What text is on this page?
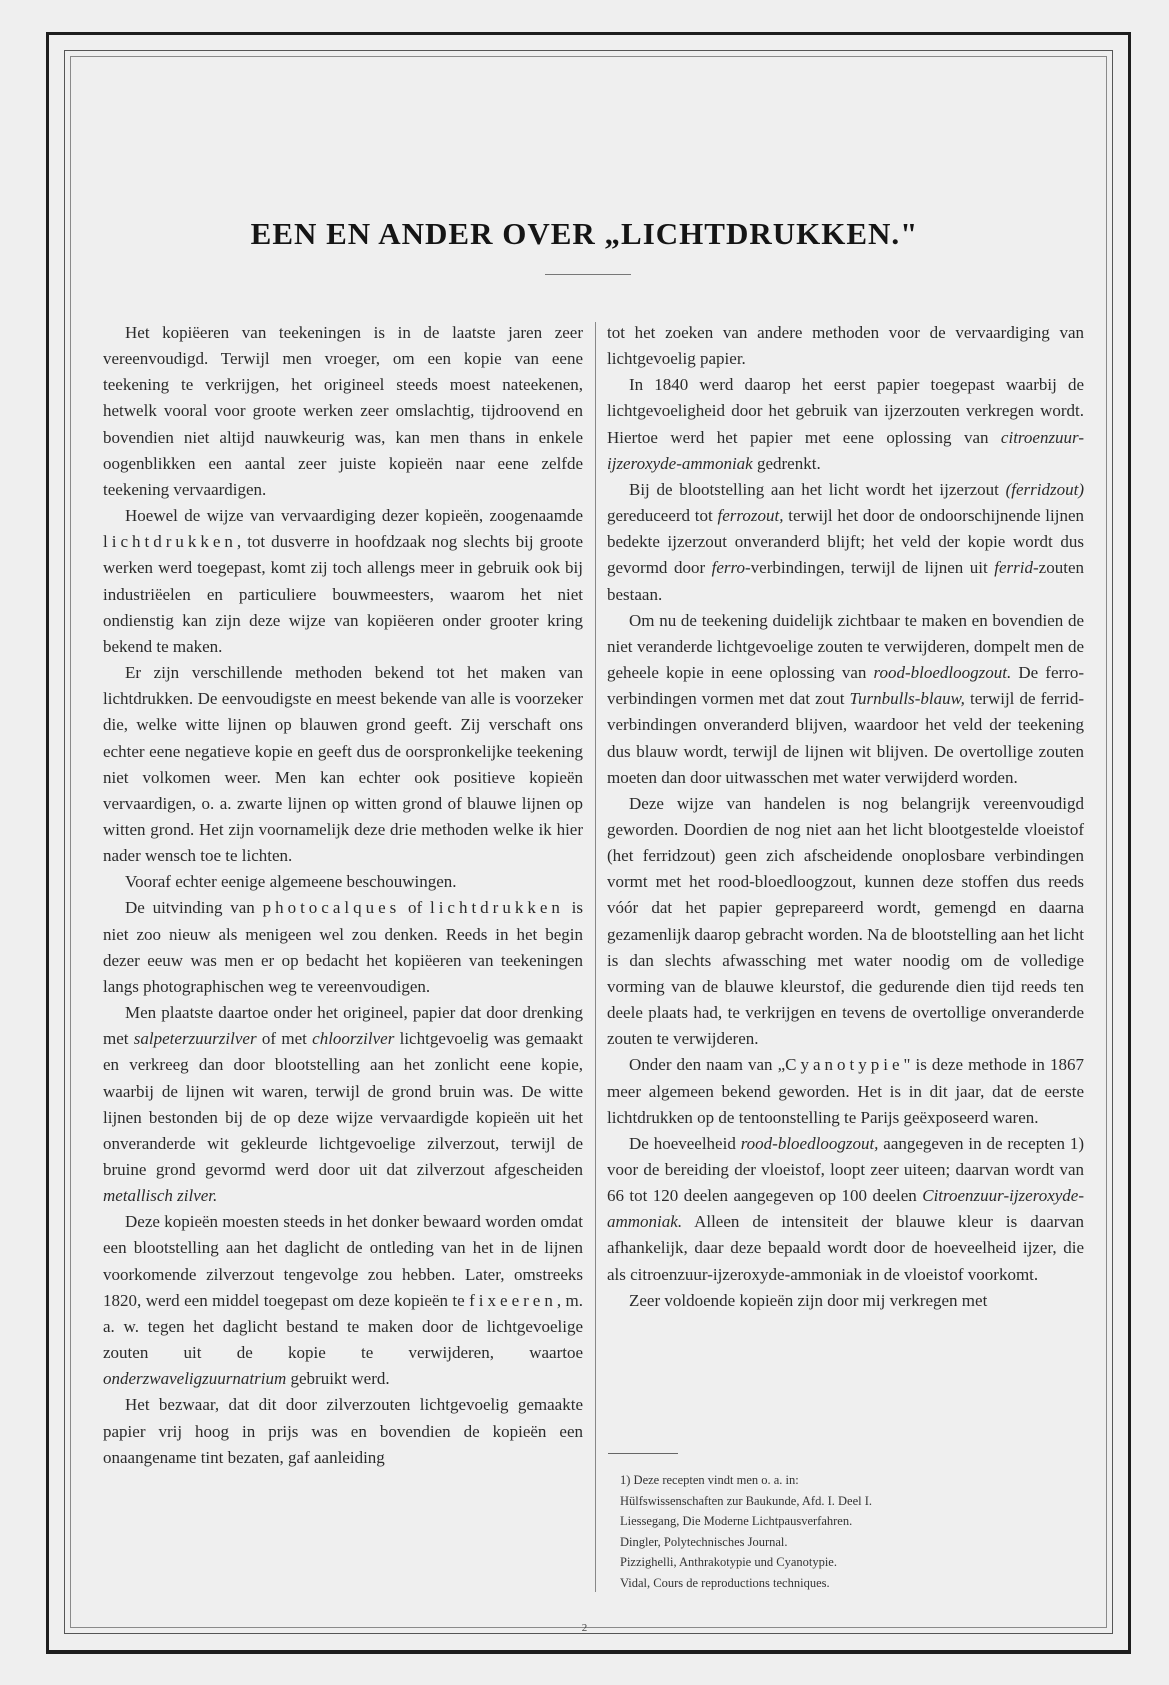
EEN EN ANDER OVER „LICHTDRUKKEN."

Het kopiëeren van teekeningen is in de laatste jaren zeer vereenvoudigd. Terwijl men vroeger, om een kopie van eene teekening te verkrijgen, het origineel steeds moest nateekenen, hetwelk vooral voor groote werken zeer omslachtig, tijdroovend en bovendien niet altijd nauwkeurig was, kan men thans in enkele oogenblikken een aantal zeer juiste kopieën naar eene zelfde teekening vervaardigen.

Hoewel de wijze van vervaardiging dezer kopieën, zoogenaamde lichtdrukken, tot dusverre in hoofdzaak nog slechts bij groote werken werd toegepast, komt zij toch allengs meer in gebruik ook bij industriëelen en particuliere bouwmeesters, waarom het niet ondienstig kan zijn deze wijze van kopiëeren onder grooter kring bekend te maken.

Er zijn verschillende methoden bekend tot het maken van lichtdrukken. De eenvoudigste en meest bekende van alle is voorzeker die, welke witte lijnen op blauwen grond geeft. Zij verschaft ons echter eene negatieve kopie en geeft dus de oorspronkelijke teekening niet volkomen weer. Men kan echter ook positieve kopieën vervaardigen, o. a. zwarte lijnen op witten grond of blauwe lijnen op witten grond. Het zijn voornamelijk deze drie methoden welke ik hier nader wensch toe te lichten.

Vooraf echter eenige algemeene beschouwingen.

De uitvinding van photocalques of lichtdrukken is niet zoo nieuw als menigeen wel zou denken. Reeds in het begin dezer eeuw was men er op bedacht het kopiëeren van teekeningen langs photographischen weg te vereenvoudigen.

Men plaatste daartoe onder het origineel, papier dat door drenking met salpeterzuurzilver of met chloorzilver lichtgevoelig was gemaakt en verkreeg dan door blootstelling aan het zonlicht eene kopie, waarbij de lijnen wit waren, terwijl de grond bruin was. De witte lijnen bestonden bij de op deze wijze vervaardigde kopieën uit het onveranderde wit gekleurde lichtgevoelige zilverzout, terwijl de bruine grond gevormd werd door uit dat zilverzout afgescheiden metallisch zilver.

Deze kopieën moesten steeds in het donker bewaard worden omdat een blootstelling aan het daglicht de ontleding van het in de lijnen voorkomende zilverzout tengevolge zou hebben. Later, omstreeks 1820, werd een middel toegepast om deze kopieën te fixeeren, m. a. w. tegen het daglicht bestand te maken door de lichtgevoelige zouten uit de kopie te verwijderen, waartoe onderzwaveligzuurnatrium gebruikt werd.

Het bezwaar, dat dit door zilverzouten lichtgevoelig gemaakte papier vrij hoog in prijs was en bovendien de kopieën een onaangename tint bezaten, gaf aanleiding

tot het zoeken van andere methoden voor de vervaardiging van lichtgevoelig papier.

In 1840 werd daarop het eerst papier toegepast waarbij de lichtgevoeligheid door het gebruik van ijzerzouten verkregen wordt. Hiertoe werd het papier met eene oplossing van citroenzuur-ijzeroxyde-ammoniak gedrenkt.

Bij de blootstelling aan het licht wordt het ijzerzout (ferridzout) gereduceerd tot ferrozout, terwijl het door de ondoorschijnende lijnen bedekte ijzerzout onveranderd blijft; het veld der kopie wordt dus gevormd door ferro-verbindingen, terwijl de lijnen uit ferrid-zouten bestaan.

Om nu de teekening duidelijk zichtbaar te maken en bovendien de niet veranderde lichtgevoelige zouten te verwijderen, dompelt men de geheele kopie in eene oplossing van rood-bloedloogzout. De ferro-verbindingen vormen met dat zout Turnbulls-blauw, terwijl de ferrid-verbindingen onveranderd blijven, waardoor het veld der teekening dus blauw wordt, terwijl de lijnen wit blijven. De overtollige zouten moeten dan door uitwasschen met water verwijderd worden.

Deze wijze van handelen is nog belangrijk vereenvoudigd geworden. Doordien de nog niet aan het licht blootgestelde vloeistof (het ferridzout) geen zich afscheidende onoplosbare verbindingen vormt met het rood-bloedloogzout, kunnen deze stoffen dus reeds vóór dat het papier geprepareerd wordt, gemengd en daarna gezamenlijk daarop gebracht worden. Na de blootstelling aan het licht is dan slechts afwassching met water noodig om de volledige vorming van de blauwe kleurstof, die gedurende dien tijd reeds ten deele plaats had, te verkrijgen en tevens de overtollige onveranderde zouten te verwijderen.

Onder den naam van „Cyanotypie" is deze methode in 1867 meer algemeen bekend geworden. Het is in dit jaar, dat de eerste lichtdrukken op de tentoonstelling te Parijs geëxposeerd waren.

De hoeveelheid rood-bloedloogzout, aangegeven in de recepten 1) voor de bereiding der vloeistof, loopt zeer uiteen; daarvan wordt van 66 tot 120 deelen aangegeven op 100 deelen Citroenzuur-ijzeroxyde-ammoniak. Alleen de intensiteit der blauwe kleur is daarvan afhankelijk, daar deze bepaald wordt door de hoeveelheid ijzer, die als citroenzuur-ijzeroxyde-ammoniak in de vloeistof voorkomt.

Zeer voldoende kopieën zijn door mij verkregen met

1) Deze recepten vindt men o. a. in:
Hülfswissenschaften zur Baukunde, Afd. I. Deel I.
Liessegang, Die Moderne Lichtpausverfahren.
Dingler, Polytechnisches Journal.
Pizzighelli, Anthrakotypie und Cyanotypie.
Vidal, Cours de reproductions techniques.
2
